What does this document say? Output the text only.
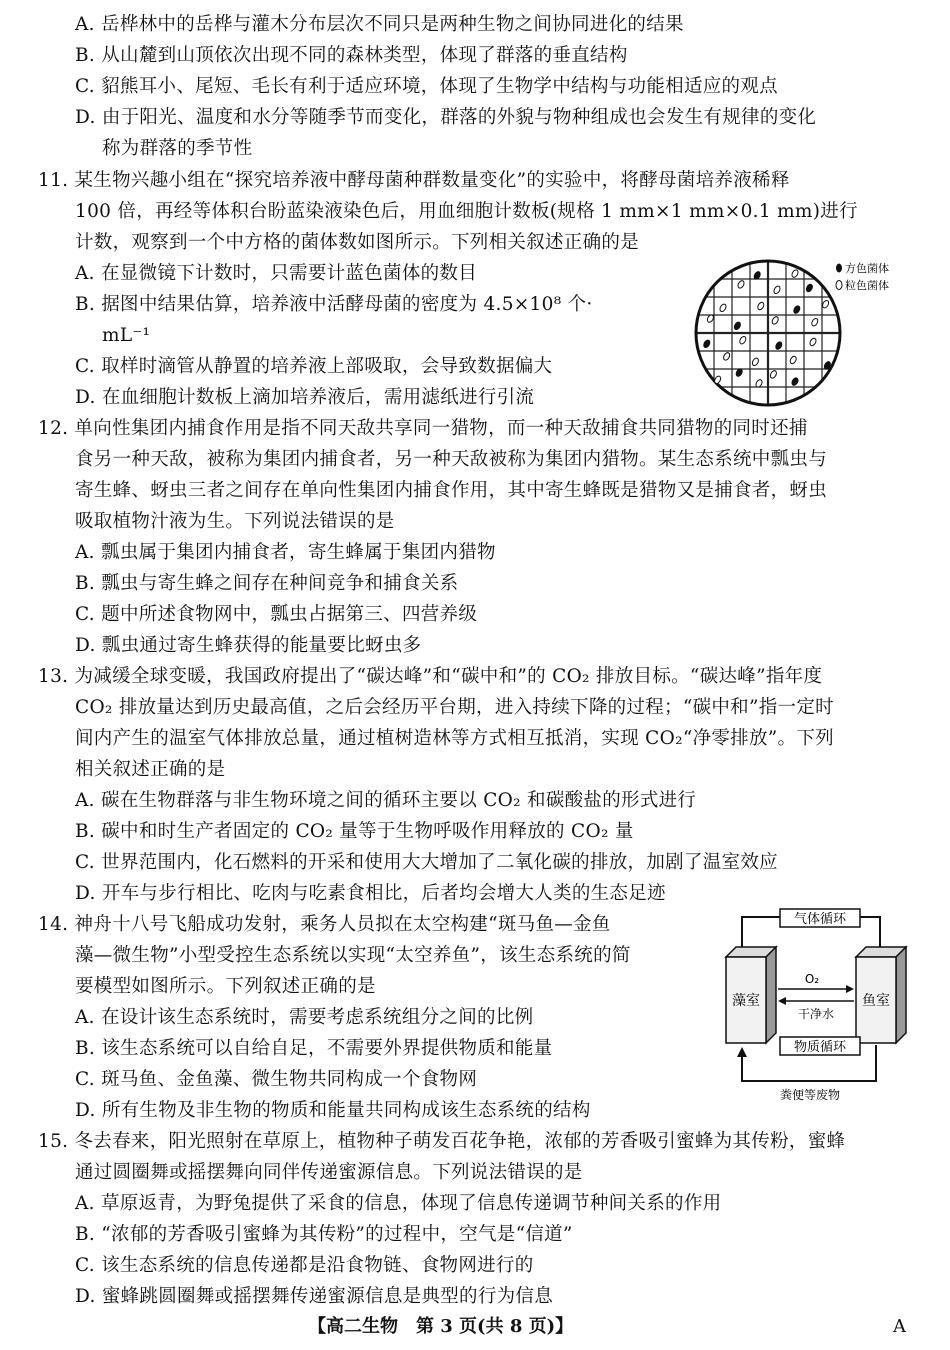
A. 岳桦林中的岳桦与灌木分布层次不同只是两种生物之间协同进化的结果
B. 从山麓到山顶依次出现不同的森林类型，体现了群落的垂直结构
C. 貂熊耳小、尾短、毛长有利于适应环境，体现了生物学中结构与功能相适应的观点
D. 由于阳光、温度和水分等随季节而变化，群落的外貌与物种组成也会发生有规律的变化
称为群落的季节性
11. 某生物兴趣小组在“探究培养液中酵母菌种群数量变化”的实验中，将酵母菌培养液稀释
100 倍，再经等体积台盼蓝染液染色后，用血细胞计数板(规格 1 mm×1 mm×0.1 mm)进行
计数，观察到一个中方格的菌体数如图所示。下列相关叙述正确的是
A. 在显微镜下计数时，只需要计蓝色菌体的数目
B. 据图中结果估算，培养液中活酵母菌的密度为 4.5×10⁸ 个·
mL⁻¹
C. 取样时滴管从静置的培养液上部吸取，会导致数据偏大
D. 在血细胞计数板上滴加培养液后，需用滤纸进行引流
12. 单向性集团内捕食作用是指不同天敌共享同一猎物，而一种天敌捕食共同猎物的同时还捕
食另一种天敌，被称为集团内捕食者，另一种天敌被称为集团内猎物。某生态系统中瓢虫与
寄生蜂、蚜虫三者之间存在单向性集团内捕食作用，其中寄生蜂既是猎物又是捕食者，蚜虫
吸取植物汁液为生。下列说法错误的是
A. 瓢虫属于集团内捕食者，寄生蜂属于集团内猎物
B. 瓢虫与寄生蜂之间存在种间竞争和捕食关系
C. 题中所述食物网中，瓢虫占据第三、四营养级
D. 瓢虫通过寄生蜂获得的能量要比蚜虫多
13. 为减缓全球变暖，我国政府提出了“碳达峰”和“碳中和”的 CO₂ 排放目标。“碳达峰”指年度
CO₂ 排放量达到历史最高值，之后会经历平台期，进入持续下降的过程；“碳中和”指一定时
间内产生的温室气体排放总量，通过植树造林等方式相互抵消，实现 CO₂“净零排放”。下列
相关叙述正确的是
A. 碳在生物群落与非生物环境之间的循环主要以 CO₂ 和碳酸盐的形式进行
B. 碳中和时生产者固定的 CO₂ 量等于生物呼吸作用释放的 CO₂ 量
C. 世界范围内，化石燃料的开采和使用大大增加了二氧化碳的排放，加剧了温室效应
D. 开车与步行相比、吃肉与吃素食相比，后者均会增大人类的生态足迹
14. 神舟十八号飞船成功发射，乘务人员拟在太空构建“斑马鱼—金鱼
藻—微生物”小型受控生态系统以实现“太空养鱼”，该生态系统的简
要模型如图所示。下列叙述正确的是
A. 在设计该生态系统时，需要考虑系统组分之间的比例
B. 该生态系统可以自给自足，不需要外界提供物质和能量
C. 斑马鱼、金鱼藻、微生物共同构成一个食物网
D. 所有生物及非生物的物质和能量共同构成该生态系统的结构
15. 冬去春来，阳光照射在草原上，植物种子萌发百花争艳，浓郁的芳香吸引蜜蜂为其传粉，蜜蜂
通过圆圈舞或摇摆舞向同伴传递蜜源信息。下列说法错误的是
A. 草原返青，为野兔提供了采食的信息，体现了信息传递调节种间关系的作用
B. “浓郁的芳香吸引蜜蜂为其传粉”的过程中，空气是“信道”
C. 该生态系统的信息传递都是沿食物链、食物网进行的
D. 蜜蜂跳圆圈舞或摇摆舞传递蜜源信息是典型的行为信息
方色菌体
粒色菌体
气体循环
藻室	鱼室
O₂
干净水
物质循环
粪便等废物
【高二生物　第 3 页(共 8 页)】	A
